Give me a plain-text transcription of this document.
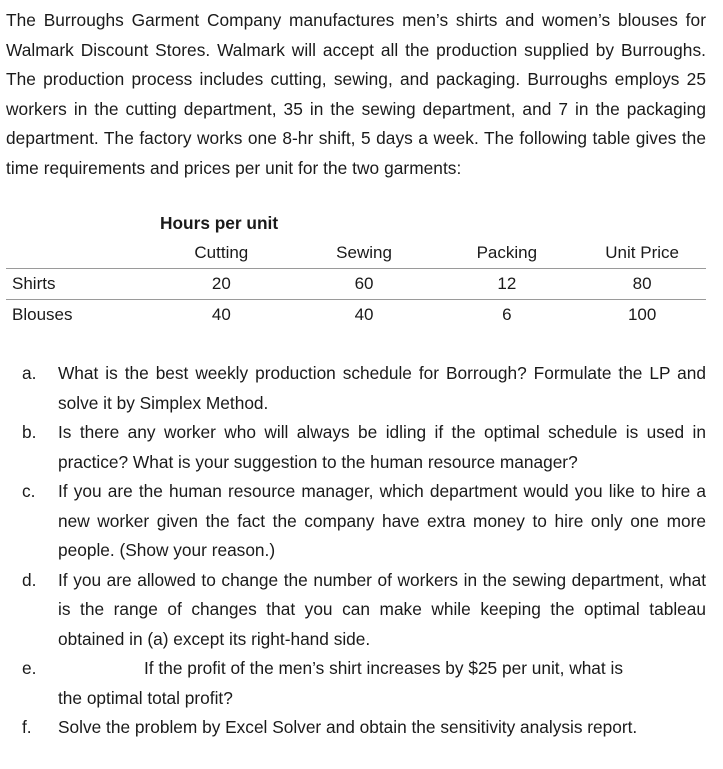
The Burroughs Garment Company manufactures men’s shirts and women’s blouses for Walmark Discount Stores. Walmark will accept all the production supplied by Burroughs. The production process includes cutting, sewing, and packaging. Burroughs employs 25 workers in the cutting department, 35 in the sewing department, and 7 in the packaging department. The factory works one 8-hr shift, 5 days a week. The following table gives the time requirements and prices per unit for the two garments:

Hours per unit
	Cutting	Sewing	Packing	Unit Price
Shirts	20	60	12	80
Blouses	40	40	6	100
a. What is the best weekly production schedule for Borrough? Formulate the LP and solve it by Simplex Method.
b. Is there any worker who will always be idling if the optimal schedule is used in practice? What is your suggestion to the human resource manager?
c. If you are the human resource manager, which department would you like to hire a new worker given the fact the company have extra money to hire only one more people. (Show your reason.)
d. If you are allowed to change the number of workers in the sewing department, what is the range of changes that you can make while keeping the optimal tableau obtained in (a) except its right-hand side.
e.	If the profit of the men’s shirt increases by $25 per unit, what is
the optimal total profit?
f. Solve the problem by Excel Solver and obtain the sensitivity analysis report.
